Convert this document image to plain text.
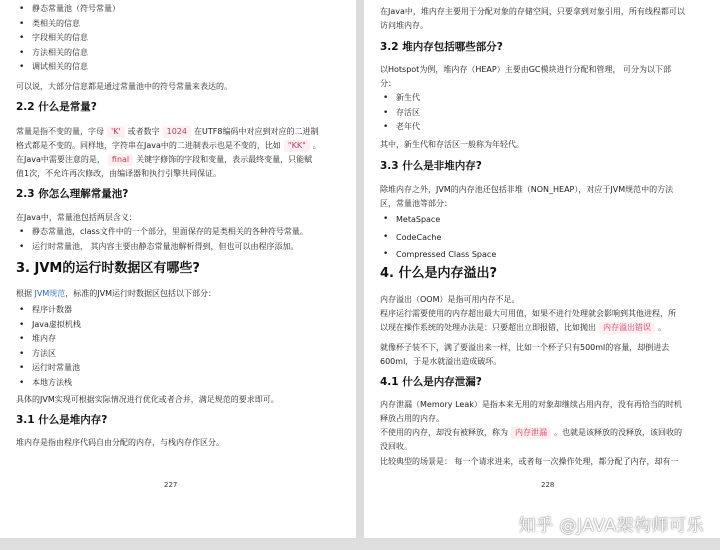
• 静态常量池（符号常量）
• 类相关的信息
• 字段相关的信息
• 方法相关的信息
• 调试相关的信息
可以说，大部分信息都是通过常量池中的符号常量来表达的。
2.2 什么是常量?
常量是指不变的量，字母 'K' 或者数字 1024 在UTF8编码中对应到对应的二进制
格式都是不变的。同样地，字符串在Java中的二进制表示也是不变的，比如 "KK" 。
在Java中需要注意的是， final 关键字修饰的字段和变量，表示最终变量，只能赋
值1次，不允许再次修改，由编译器和执行引擎共同保证。
2.3 你怎么理解常量池?
在Java中，常量池包括两层含义：
• 静态常量池，class文件中的一个部分，里面保存的是类相关的各种符号常量。
• 运行时常量池， 其内容主要由静态常量池解析得到，但也可以由程序添加。
3. JVM的运行时数据区有哪些?
根据 JVM规范，标准的JVM运行时数据区包括以下部分：
• 程序计数器
• Java虚拟机栈
• 堆内存
• 方法区
• 运行时常量池
• 本地方法栈
具体的JVM实现可根据实际情况进行优化或者合并，满足规范的要求即可。
3.1 什么是堆内存?
堆内存是指由程序代码自由分配的内存，与栈内存作区分。
227
在Java中，堆内存主要用于分配对象的存储空间，只要拿到对象引用，所有线程都可以
访问堆内存。
3.2 堆内存包括哪些部分?
以Hotspot为例，堆内存（HEAP）主要由GC模块进行分配和管理， 可分为以下部
分：
• 新生代
• 存活区
• 老年代
其中，新生代和存活区一般称为年轻代。
3.3 什么是非堆内存?
除堆内存之外，JVM的内存池还包括非堆（NON_HEAP），对应于JVM规范中的方法
区，常量池等部分：
• MetaSpace
• CodeCache
• Compressed Class Space
4. 什么是内存溢出?
内存溢出（OOM）是指可用内存不足。
程序运行需要使用的内存超出最大可用值，如果不进行处理就会影响到其他进程，所
以现在操作系统的处理办法是：只要超出立即报错，比如抛出 内存溢出错误 。
就像杯子装不下，满了要溢出来一样，比如一个杯子只有500ml的容量，却倒进去
600ml，于是水就溢出造成破坏。
4.1 什么是内存泄漏?
内存泄漏（Memory Leak）是指本来无用的对象却继续占用内存，没有再恰当的时机
释放占用的内存。
不使用的内存，却没有被释放，称为 内存泄漏 。也就是该释放的没释放，该回收的
没回收。
比较典型的场景是： 每一个请求进来，或者每一次操作处理，都分配了内存，却有一
228
知乎 @JAVA架构师可乐
